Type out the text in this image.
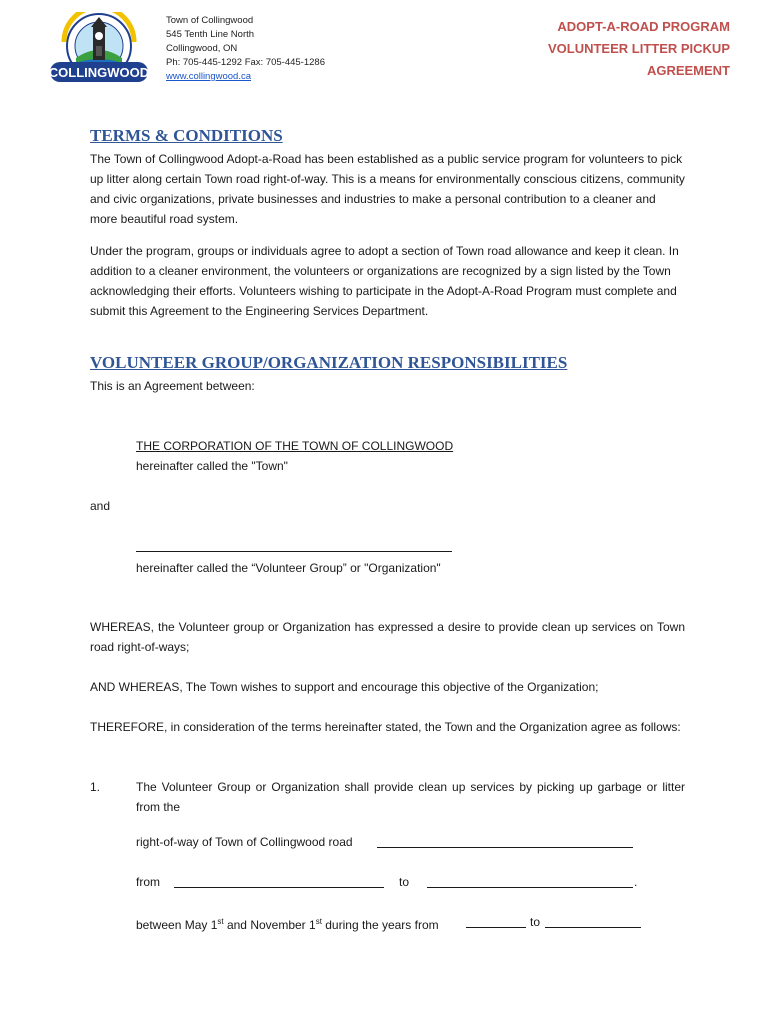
COLLINGWOOD
Town of Collingwood
545 Tenth Line North
Collingwood, ON
Ph: 705-445-1292 Fax: 705-445-1286
www.collingwood.ca
ADOPT-A-ROAD PROGRAM
VOLUNTEER LITTER PICKUP
AGREEMENT
TERMS & CONDITIONS
The Town of Collingwood Adopt-a-Road has been established as a public service program for volunteers to pick up litter along certain Town road right-of-way. This is a means for environmentally conscious citizens, community and civic organizations, private businesses and industries to make a personal contribution to a cleaner and more beautiful road system.
Under the program, groups or individuals agree to adopt a section of Town road allowance and keep it clean. In addition to a cleaner environment, the volunteers or organizations are recognized by a sign listed by the Town acknowledging their efforts. Volunteers wishing to participate in the Adopt-A-Road Program must complete and submit this Agreement to the Engineering Services Department.
VOLUNTEER GROUP/ORGANIZATION RESPONSIBILITIES
This is an Agreement between:
THE CORPORATION OF THE TOWN OF COLLINGWOOD
hereinafter called the "Town"
and
hereinafter called the “Volunteer Group” or "Organization"
WHEREAS, the Volunteer group or Organization has expressed a desire to provide clean up services on Town road right-of-ways;
AND WHEREAS, The Town wishes to support and encourage this objective of the Organization;
THEREFORE, in consideration of the terms hereinafter stated, the Town and the Organization agree as follows:
1.	The Volunteer Group or Organization shall provide clean up services by picking up garbage or litter from the
right-of-way of Town of Collingwood road
from	to	.
between May 1st and November 1st during the years from	to
